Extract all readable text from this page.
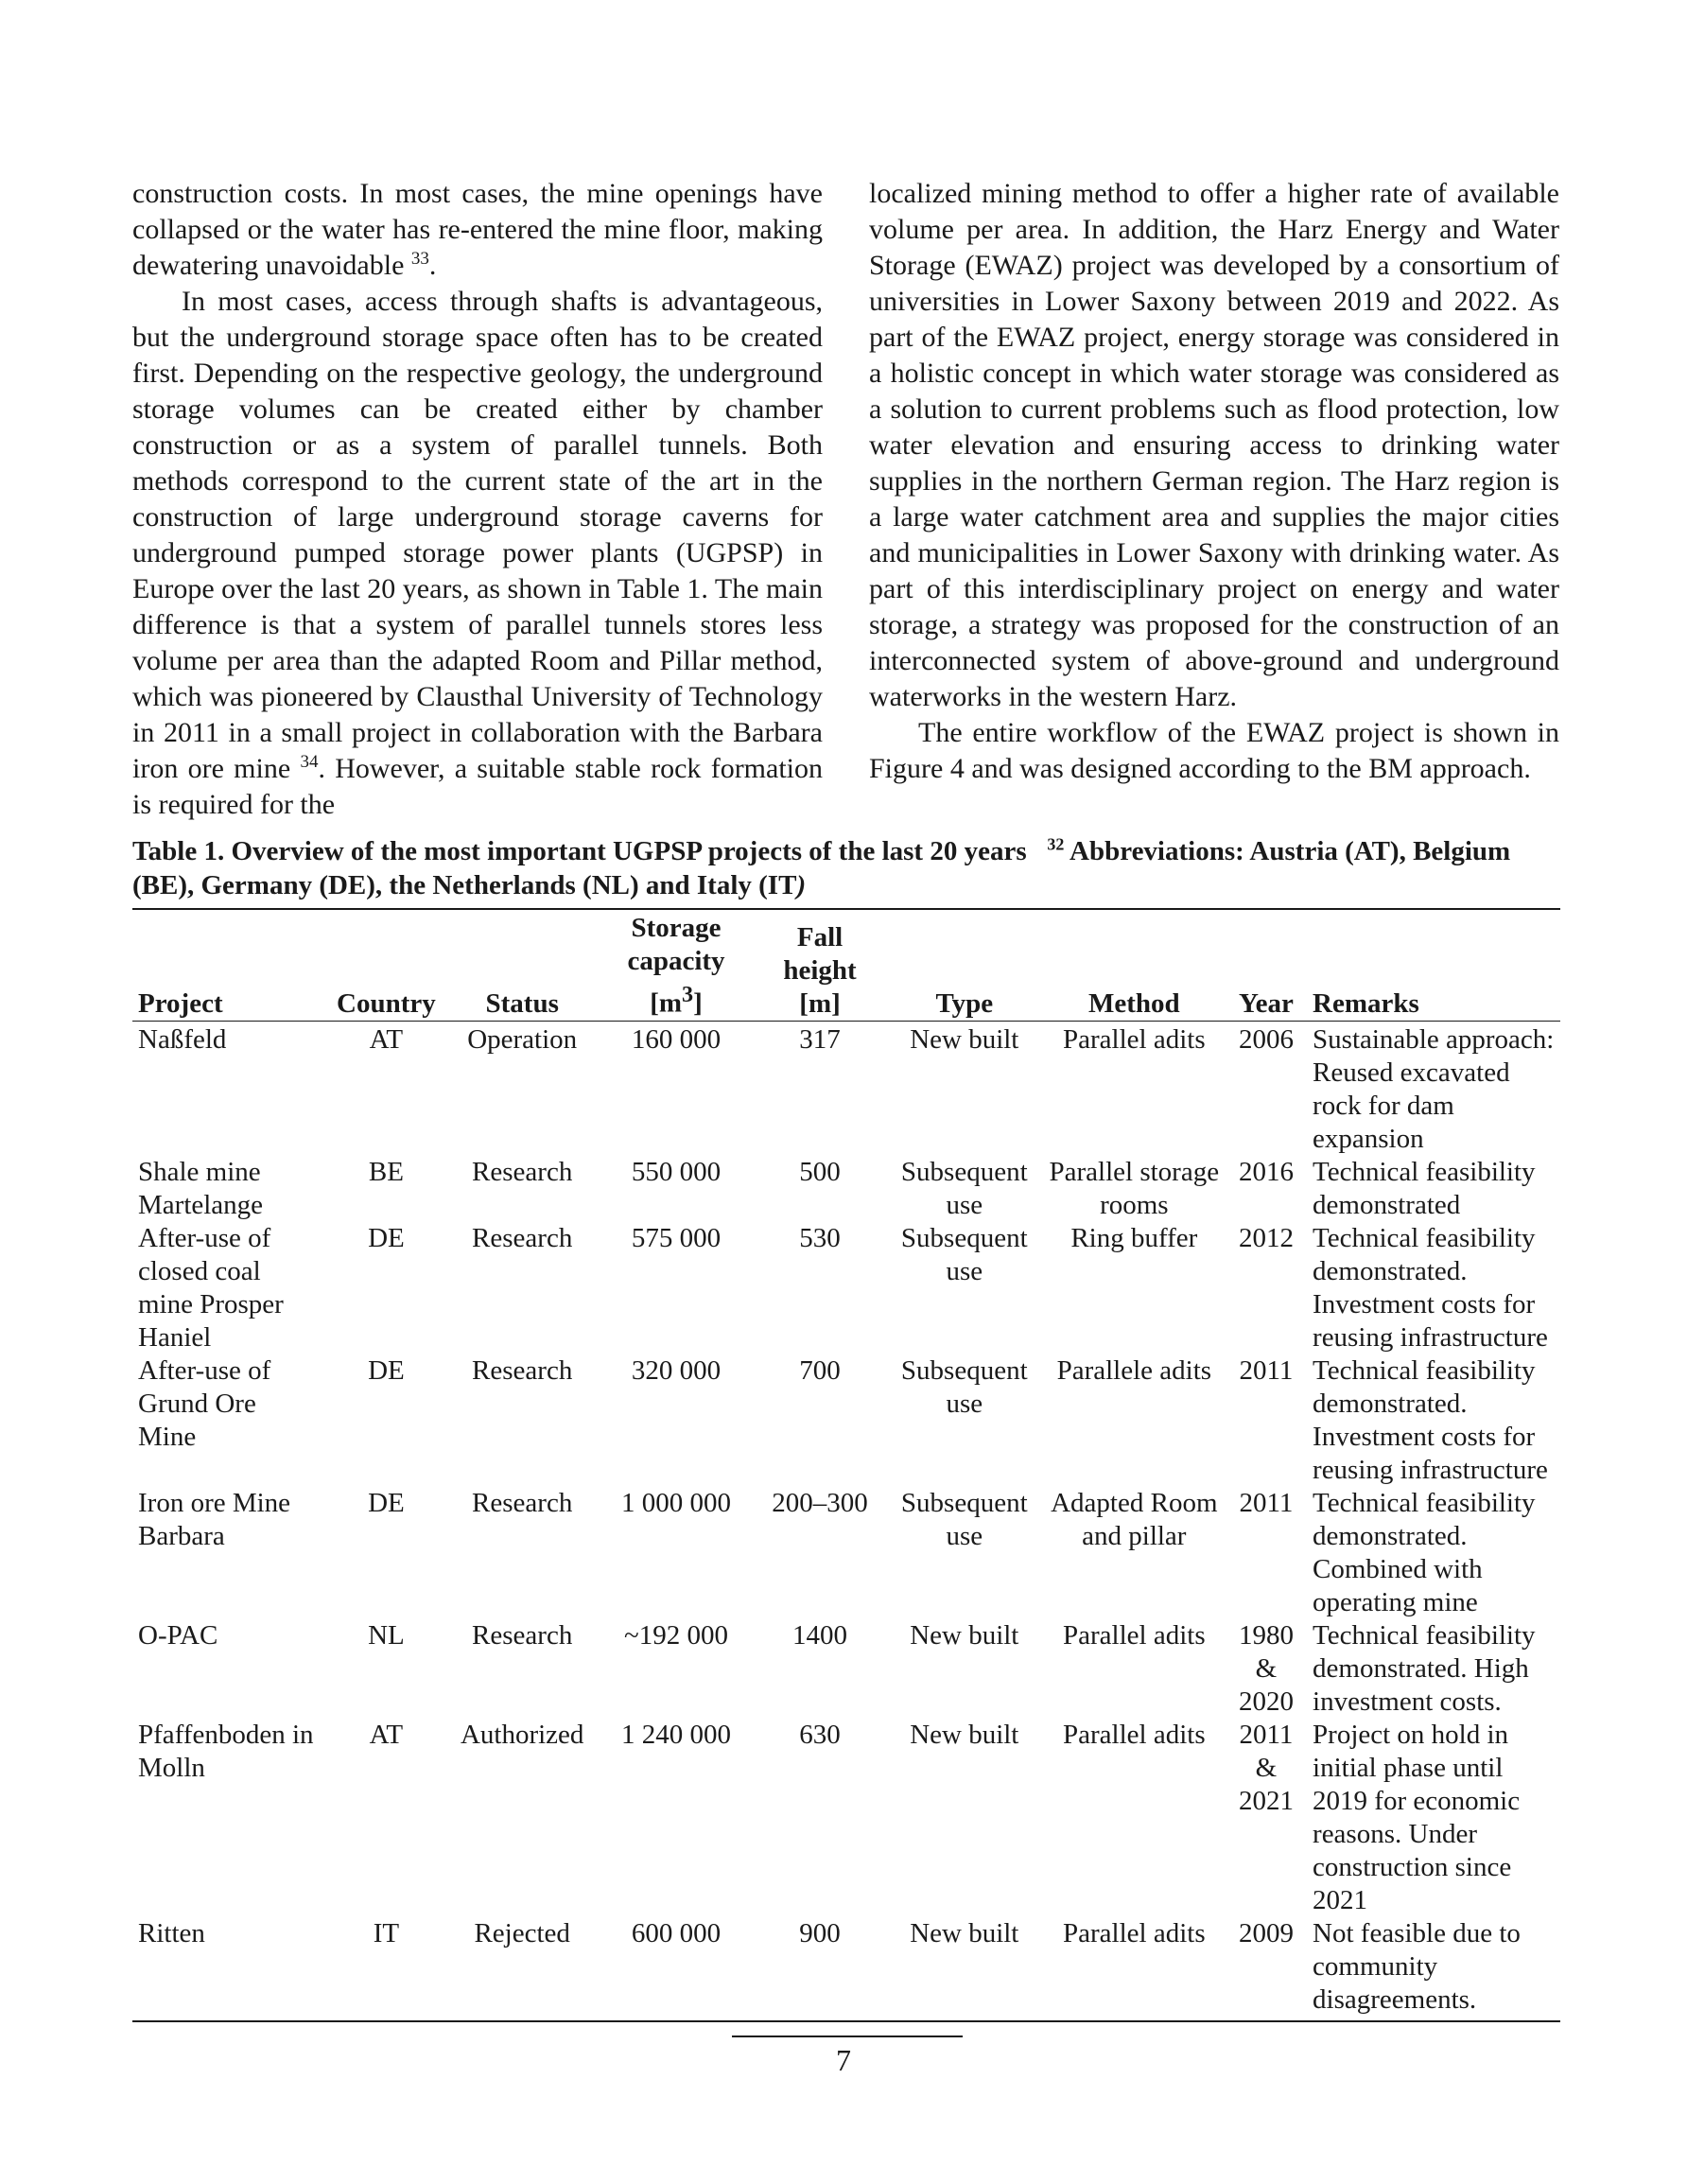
construction costs. In most cases, the mine openings have collapsed or the water has re-entered the mine floor, making dewatering unavoidable $^{33}$.

In most cases, access through shafts is advantageous, but the underground storage space often has to be created first. Depending on the respective geology, the underground storage volumes can be created either by chamber construction or as a system of parallel tunnels. Both methods correspond to the current state of the art in the construction of large underground storage caverns for underground pumped storage power plants (UGPSP) in Europe over the last 20 years, as shown in Table 1. The main difference is that a system of parallel tunnels stores less volume per area than the adapted Room and Pillar method, which was pioneered by Clausthal University of Technology in 2011 in a small project in collaboration with the Barbara iron ore mine $^{34}$. However, a suitable stable rock formation is required for the

localized mining method to offer a higher rate of available volume per area. In addition, the Harz Energy and Water Storage (EWAZ) project was developed by a consortium of universities in Lower Saxony between 2019 and 2022. As part of the EWAZ project, energy storage was considered in a holistic concept in which water storage was considered as a solution to current problems such as flood protection, low water elevation and ensuring access to drinking water supplies in the northern German region. The Harz region is a large water catchment area and supplies the major cities and municipalities in Lower Saxony with drinking water. As part of this interdisciplinary project on energy and water storage, a strategy was proposed for the construction of an interconnected system of above-ground and underground waterworks in the western Harz.

The entire workflow of the EWAZ project is shown in Figure 4 and was designed according to the BM approach.

Table 1. Overview of the most important UGPSP projects of the last 20 years $^{32}$ Abbreviations: Austria (AT), Belgium (BE), Germany (DE), the Netherlands (NL) and Italy (IT)
Project	Country	Status	Storage capacity $[m^3]$	Fall height [m]	Type	Method	Year	Remarks
Naßfeld	AT	Operation	160 000	317	New built	Parallel adits	2006	Sustainable approach: Reused excavated rock for dam expansion
Shale mine Martelange	BE	Research	550 000	500	Subsequent use	Parallel storage rooms	2016	Technical feasibility demonstrated
After-use of closed coal mine Prosper Haniel	DE	Research	575 000	530	Subsequent use	Ring buffer	2012	Technical feasibility demonstrated. Investment costs for reusing infrastructure
After-use of Grund Ore Mine	DE	Research	320 000	700	Subsequent use	Parallele adits	2011	Technical feasibility demonstrated. Investment costs for reusing infrastructure
Iron ore Mine Barbara	DE	Research	1 000 000	200–300	Subsequent use	Adapted Room and pillar	2011	Technical feasibility demonstrated. Combined with operating mine
O-PAC	NL	Research	~192 000	1400	New built	Parallel adits	1980 & 2020	Technical feasibility demonstrated. High investment costs.
Pfaffenboden in Molln	AT	Authorized	1 240 000	630	New built	Parallel adits	2011 & 2021	Project on hold in initial phase until 2019 for economic reasons. Under construction since 2021
Ritten	IT	Rejected	600 000	900	New built	Parallel adits	2009	Not feasible due to community disagreements.
7
